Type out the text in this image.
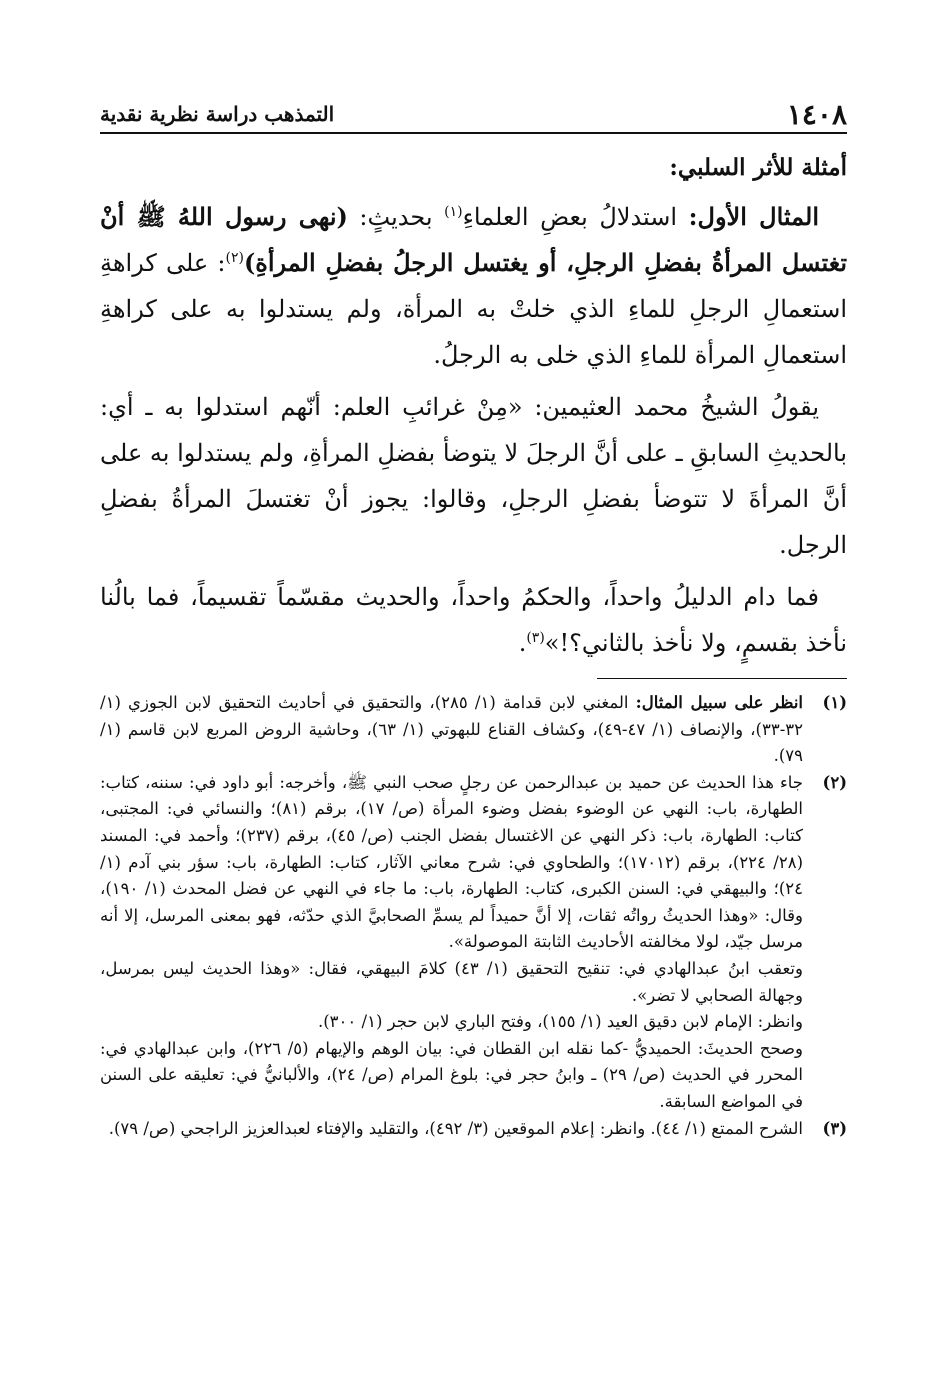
١٤٠٨
التمذهب دراسة نظرية نقدية
أمثلة للأثر السلبي:

المثال الأول: استدلالُ بعضِ العلماءِ$^{(١)}$ بحديثٍ: (نهى رسول اللهُ ﷺ أنْ تغتسل المرأةُ بفضلِ الرجلِ، أو يغتسل الرجلُ بفضلِ المرأةِ)$^{(٢)}$: على كراهةِ استعمالِ الرجلِ للماءِ الذي خلتْ به المرأة، ولم يستدلوا به على كراهةِ استعمالِ المرأة للماءِ الذي خلى به الرجلُ.

يقولُ الشيخُ محمد العثيمين: «مِنْ غرائبِ العلم: أنّهم استدلوا به ـ أي: بالحديثِ السابقِ ـ على أنَّ الرجلَ لا يتوضأ بفضلِ المرأةِ، ولم يستدلوا به على أنَّ المرأةَ لا تتوضأ بفضلِ الرجلِ، وقالوا: يجوز أنْ تغتسلَ المرأةُ بفضلِ الرجل.

فما دام الدليلُ واحداً، والحكمُ واحداً، والحديث مقسّماً تقسيماً، فما بالُنا نأخذ بقسمٍ، ولا نأخذ بالثاني؟!»$^{(٣)}$.

(١)

انظر على سبيل المثال: المغني لابن قدامة (١/ ٢٨٥)، والتحقيق في أحاديث التحقيق لابن الجوزي (١/ ٣٢-٣٣)، والإنصاف (١/ ٤٧-٤٩)، وكشاف القناع للبهوتي (١/ ٦٣)، وحاشية الروض المربع لابن قاسم (١/ ٧٩).

(٢)

جاء هذا الحديث عن حميد بن عبدالرحمن عن رجلٍ صحب النبي ﷺ، وأخرجه: أبو داود في: سننه، كتاب: الطهارة، باب: النهي عن الوضوء بفضل وضوء المرأة (ص/ ١٧)، برقم (٨١)؛ والنسائي في: المجتبى، كتاب: الطهارة، باب: ذكر النهي عن الاغتسال بفضل الجنب (ص/ ٤٥)، برقم (٢٣٧)؛ وأحمد في: المسند (٢٨/ ٢٢٤)، برقم (١٧٠١٢)؛ والطحاوي في: شرح معاني الآثار، كتاب: الطهارة، باب: سؤر بني آدم (١/ ٢٤)؛ والبيهقي في: السنن الكبرى، كتاب: الطهارة، باب: ما جاء في النهي عن فضل المحدث (١/ ١٩٠)، وقال: «وهذا الحديثُ رواتُه ثقات، إلا أنَّ حميداً لم يسمِّ الصحابيَّ الذي حدّثه، فهو بمعنى المرسل، إلا أنه مرسل جيّد، لولا مخالفته الأحاديث الثابتة الموصولة».

وتعقب ابنُ عبدالهادي في: تنقيح التحقيق (١/ ٤٣) كلامَ البيهقي، فقال: «وهذا الحديث ليس بمرسل، وجهالة الصحابي لا تضر».

وانظر: الإمام لابن دقيق العيد (١/ ١٥٥)، وفتح الباري لابن حجر (١/ ٣٠٠).

وصحح الحديثَ: الحميديُّ -كما نقله ابن القطان في: بيان الوهم والإيهام (٥/ ٢٢٦)، وابن عبدالهادي في: المحرر في الحديث (ص/ ٢٩) ـ وابنُ حجر في: بلوغ المرام (ص/ ٢٤)، والألبانيُّ في: تعليقه على السنن في المواضع السابقة.

(٣)

الشرح الممتع (١/ ٤٤). وانظر: إعلام الموقعين (٣/ ٤٩٢)، والتقليد والإفتاء لعبدالعزيز الراجحي (ص/ ٧٩).
